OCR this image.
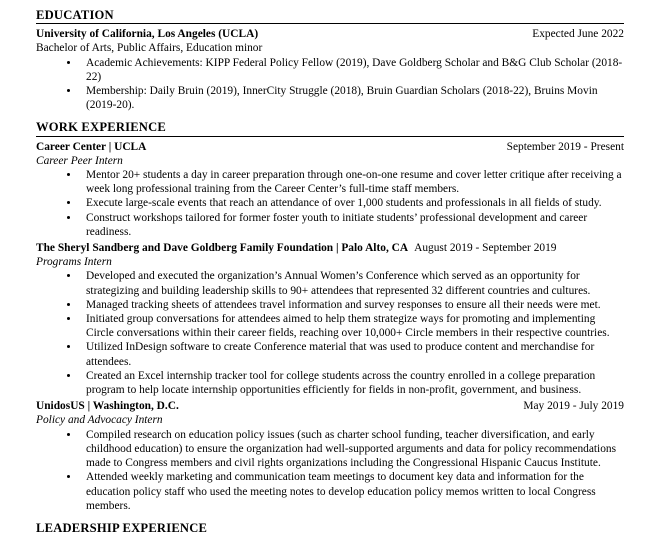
EDUCATION
University of California, Los Angeles (UCLA)	Expected June 2022
Bachelor of Arts, Public Affairs, Education minor
• Academic Achievements: KIPP Federal Policy Fellow (2019), Dave Goldberg Scholar and B&G Club Scholar (2018-22)
• Membership: Daily Bruin (2019), InnerCity Struggle (2018), Bruin Guardian Scholars (2018-22), Bruins Movin (2019-20).
WORK EXPERIENCE
Career Center | UCLA	September 2019 - Present
Career Peer Intern
• Mentor 20+ students a day in career preparation through one-on-one resume and cover letter critique after receiving a week long professional training from the Career Center’s full-time staff members.
• Execute large-scale events that reach an attendance of over 1,000 students and professionals in all fields of study.
• Construct workshops tailored for former foster youth to initiate students’ professional development and career readiness.
The Sheryl Sandberg and Dave Goldberg Family Foundation | Palo Alto, CA August 2019 - September 2019
Programs Intern
• Developed and executed the organization’s Annual Women’s Conference which served as an opportunity for strategizing and building leadership skills to 90+ attendees that represented 32 different countries and cultures.
• Managed tracking sheets of attendees travel information and survey responses to ensure all their needs were met.
• Initiated group conversations for attendees aimed to help them strategize ways for promoting and implementing Circle conversations within their career fields, reaching over 10,000+ Circle members in their respective countries.
• Utilized InDesign software to create Conference material that was used to produce content and merchandise for attendees.
• Created an Excel internship tracker tool for college students across the country enrolled in a college preparation program to help locate internship opportunities efficiently for fields in non-profit, government, and business.
UnidosUS | Washington, D.C.	May 2019 - July 2019
Policy and Advocacy Intern
• Compiled research on education policy issues (such as charter school funding, teacher diversification, and early childhood education) to ensure the organization had well-supported arguments and data for policy recommendations made to Congress members and civil rights organizations including the Congressional Hispanic Caucus Institute.
• Attended weekly marketing and communication team meetings to document key data and information for the education policy staff who used the meeting notes to develop education policy memos written to local Congress members.
LEADERSHIP EXPERIENCE
